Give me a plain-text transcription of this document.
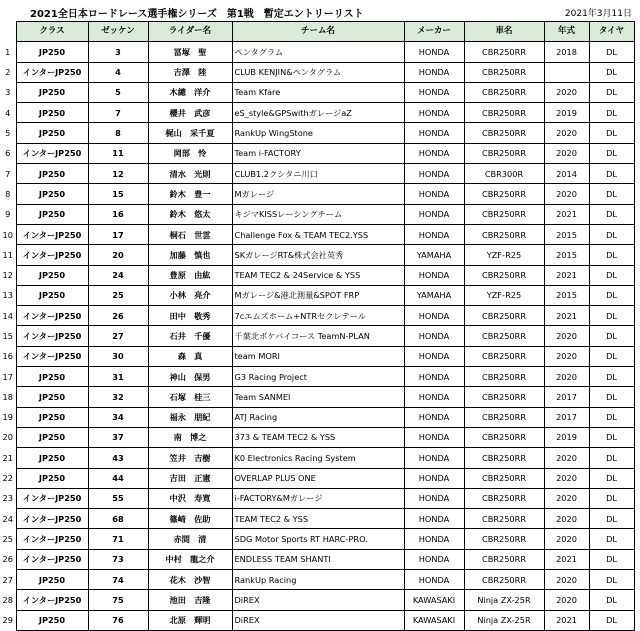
2021全日本ロードレース選手権シリーズ　第1戦　暫定エントリーリスト	2021年3月11日
	クラス	ゼッケン	ライダー名	チーム名	メーカー	車名	年式	タイヤ
1	JP250	3	冨塚　聖	ペンタグラム	HONDA	CBR250RR	2018	DL
2	インターJP250	4	吉澤　陸	CLUB KENJIN&ペンタグラム	HONDA	CBR250RR		DL
3	JP250	5	木總　洋介	Team Kfare	HONDA	CBR250RR	2020	DL
4	JP250	7	櫻井　武彦	eS_style&GPSwithガレージaZ	HONDA	CBR250RR	2019	DL
5	JP250	8	梶山　采千夏	RankUp WingStone	HONDA	CBR250RR	2020	DL
6	インターJP250	11	岡部　怜	Team i-FACTORY	HONDA	CBR250RR	2020	DL
7	JP250	12	清水　光則	CLUB1.2クシタニ川口	HONDA	CBR300R	2014	DL
8	JP250	15	鈴木　豊一	Mガレージ	HONDA	CBR250RR	2020	DL
9	JP250	16	鈴木　悠太	キジマKISSレーシングチーム	HONDA	CBR250RR	2021	DL
10	インターJP250	17	桐石　世雲	Challenge Fox & TEAM TEC2.YSS	HONDA	CBR250RR	2015	DL
11	インターJP250	20	加藤　慎也	SKガレージRT&株式会社英秀	YAMAHA	YZF-R25	2015	DL
12	JP250	24	豊原　由紘	TEAM TEC2 & 24Service & YSS	HONDA	CBR250RR	2021	DL
13	JP250	25	小林　亮介	Mガレージ&港北測量&SPOT FRP	YAMAHA	YZF-R25	2015	DL
14	インターJP250	26	田中　敬秀	7cエムズホーム+NTRセクレテール	HONDA	CBR250RR	2021	DL
15	インターJP250	27	石井　千優	千葉北ポケバイコース TeamN-PLAN	HONDA	CBR250RR	2020	DL
16	インターJP250	30	森　真	team MORI	HONDA	CBR250RR	2020	DL
17	JP250	31	神山　保男	G3 Racing Project	HONDA	CBR250RR	2020	DL
18	JP250	32	石塚　桂三	Team SANMEI	HONDA	CBR250RR	2017	DL
19	JP250	34	福永　朋紀	ATJ Racing	HONDA	CBR250RR	2017	DL
20	JP250	37	南　博之	373 & TEAM TEC2 & YSS	HONDA	CBR250RR	2019	DL
21	JP250	43	笠井　吉樹	K0 Electronics Racing System	HONDA	CBR250RR	2020	DL
22	JP250	44	吉田　正憲	OVERLAP PLUS ONE	HONDA	CBR250RR	2020	DL
23	インターJP250	55	中沢　寿寛	i-FACTORY&Mガレージ	HONDA	CBR250RR	2020	DL
24	インターJP250	68	篠崎　佐助	TEAM TEC2 & YSS	HONDA	CBR250RR	2020	DL
25	インターJP250	71	赤間　清	SDG Motor Sports RT HARC-PRO.	HONDA	CBR250RR	2020	DL
26	インターJP250	73	中村　龍之介	ENDLESS TEAM SHANTI	HONDA	CBR250RR	2021	DL
27	JP250	74	花木　沙智	RankUp Racing	HONDA	CBR250RR	2020	DL
28	インターJP250	75	池田　吉隆	DiREX	KAWASAKI	Ninja ZX-25R	2020	DL
29	JP250	76	北原　輝明	DiREX	KAWASAKI	Ninja ZX-25R	2021	DL
